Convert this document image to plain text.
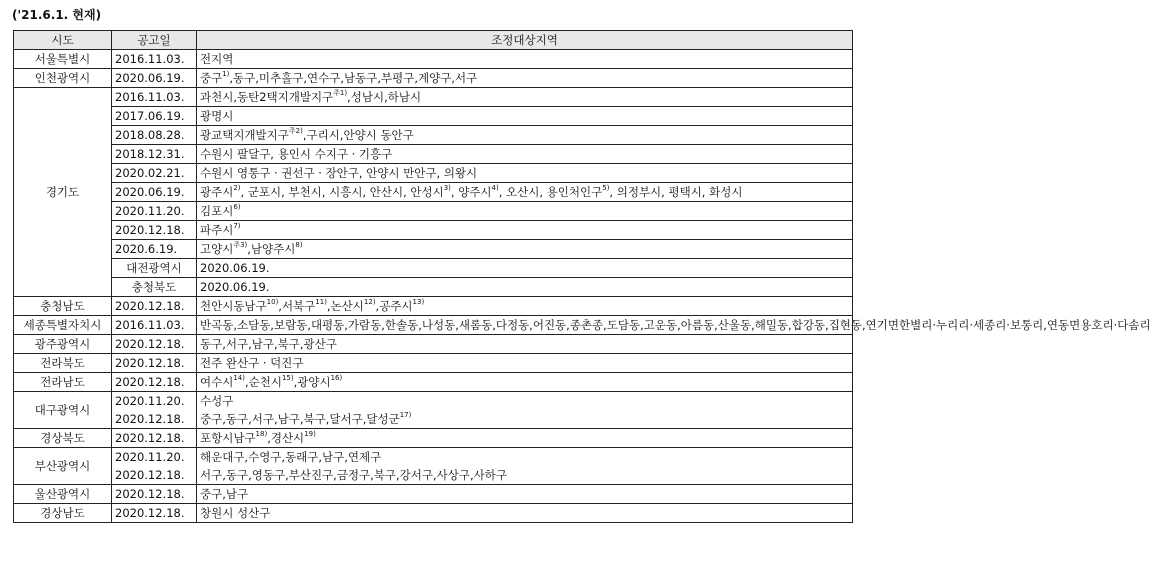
('21.6.1. 현재)
시도	공고일	조정대상지역	
서울특별시	2016.11.03.	전지역	
인천광역시	2020.06.19.	중구$^{1)}$,동구,미추홀구,연수구,남동구,부평구,계양구,서구	
경기도	2016.11.03.	과천시,동탄2택지개발지구$^{주1)}$,성남시,하남시	
	2017.06.19.	광명시	
	2018.08.28.	광교택지개발지구$^{주2)}$,구리시,안양시 동안구	
	2018.12.31.	수원시 팔달구, 용인시 수지구 · 기흥구	
	2020.02.21.	수원시 영통구 · 권선구 · 장안구, 안양시 만안구, 의왕시	
	2020.06.19.	광주시$^{2)}$, 군포시, 부천시, 시흥시, 안산시, 안성시$^{3)}$, 양주시$^{4)}$, 오산시, 용인처인구$^{5)}$, 의정부시, 평택시, 화성시	
	2020.11.20.	김포시$^{6)}$
	2020.12.18.	파주시$^{7)}$
	2020.6.19.	고양시$^{주3)}$,남양주시$^{8)}$
	대전광역시	2020.06.19.	
	충청북도	2020.06.19.	
충청남도	2020.12.18.	천안시동남구$^{10)}$,서북구$^{11)}$,논산시$^{12)}$,공주시$^{13)}$
세종특별자치시	2016.11.03.	반곡동,소담동,보람동,대평동,가람동,한솔동,나성동,새롬동,다정동,어진동,종촌종,도담동,고운동,아름동,산울동,해밀동,합강동,집현동,연기면한별리·누리리·세종리·보통리,연동면용호리·다솜리	
광주광역시	2020.12.18.	동구,서구,남구,북구,광산구	
전라북도	2020.12.18.	전주 완산구 · 덕진구	
전라남도	2020.12.18.	여수시$^{14)}$,순천시$^{15)}$,광양시$^{16)}$
대구광역시	2020.11.20.	수성구	
	2020.12.18.	중구,동구,서구,남구,북구,달서구,달성군$^{17)}$
경상북도	2020.12.18.	포항시남구$^{18)}$,경산시$^{19)}$
부산광역시	2020.11.20.	해운대구,수영구,동래구,남구,연제구	
	2020.12.18.	서구,동구,영동구,부산진구,금정구,북구,강서구,사상구,사하구	
울산광역시	2020.12.18.	중구,남구	
경상남도	2020.12.18.	창원시 성산구	
